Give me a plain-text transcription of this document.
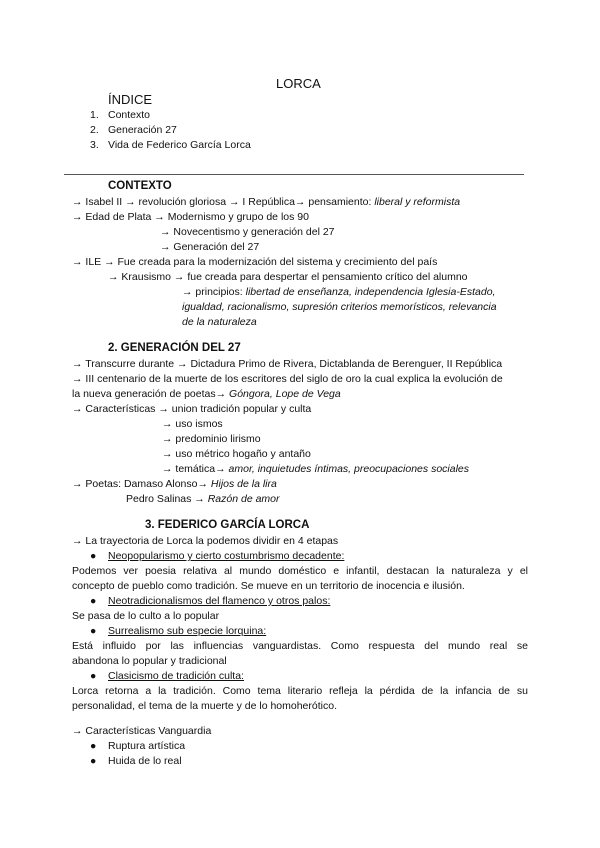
LORCA
ÍNDICE
1. Contexto
2. Generación 27
3. Vida de Federico García Lorca
CONTEXTO
→ Isabel II → revolución gloriosa → I República→ pensamiento: liberal y reformista
→ Edad de Plata → Modernismo y grupo de los 90
→ Novecentismo y generación del 27
→ Generación del 27
→ ILE → Fue creada para la modernización del sistema y crecimiento del país
→ Krausismo → fue creada para despertar el pensamiento crítico del alumno
→ principios: libertad de enseñanza, independencia Iglesia-Estado,
igualdad, racionalismo, supresión criterios memorísticos, relevancia
de la naturaleza
2. GENERACIÓN DEL 27
→ Transcurre durante → Dictadura Primo de Rivera, Dictablanda de Berenguer, II República
→ III centenario de la muerte de los escritores del siglo de oro la cual explica la evolución de
la nueva generación de poetas→ Góngora, Lope de Vega
→ Características → union tradición popular y culta
→ uso ismos
→ predominio lirismo
→ uso métrico hogaño y antaño
→ temática→ amor, inquietudes íntimas, preocupaciones sociales
→ Poetas: Damaso Alonso→ Hijos de la lira
Pedro Salinas → Razón de amor
3. FEDERICO GARCÍA LORCA
→ La trayectoria de Lorca la podemos dividir en 4 etapas
● Neopopularismo y cierto costumbrismo decadente:
Podemos ver poesia relativa al mundo doméstico e infantil, destacan la naturaleza y el
concepto de pueblo como tradición. Se mueve en un territorio de inocencia e ilusión.
● Neotradicionalismos del flamenco y otros palos:
Se pasa de lo culto a lo popular
● Surrealismo sub especie lorquina:
Está influido por las influencias vanguardistas. Como respuesta del mundo real se
abandona lo popular y tradicional
● Clasicismo de tradición culta:
Lorca retorna a la tradición. Como tema literario refleja la pérdida de la infancia de su
personalidad, el tema de la muerte y de lo homoherótico.
→ Características Vanguardia
● Ruptura artística
● Huida de lo real
